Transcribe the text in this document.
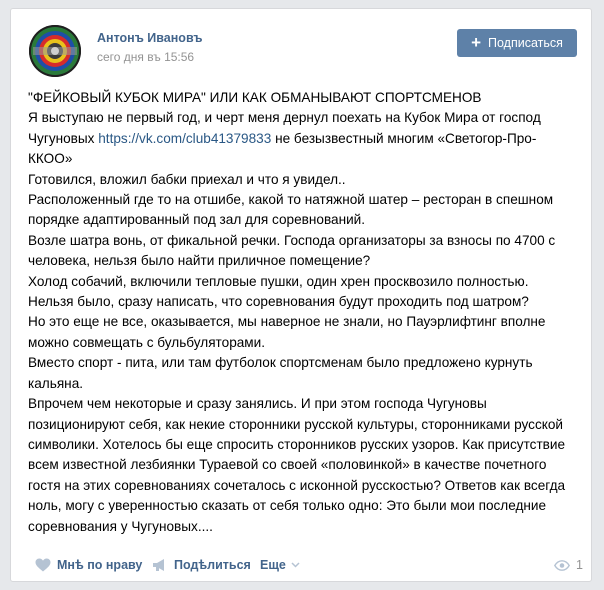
Антонъ Ивановъ
сего дня въ 15:56
+ Подписаться

"ФЕЙКОВЫЙ КУБОК МИРА" ИЛИ КАК ОБМАНЫВАЮТ СПОРТСМЕНОВ

Я выступаю не первый год, и черт меня дернул поехать на Кубок Мира от господ Чугуновых https://vk.com/club41379833 не безызвестный многим «Светогор-Про-ККОО»

Готовился, вложил бабки приехал и что я увидел..

Расположенный где то на отшибе, какой то натяжной шатер – ресторан в спешном порядке адаптированный под зал для соревнований.

Возле шатра вонь, от фикальной речки. Господа организаторы за взносы по 4700 с человека, нельзя было найти приличное помещение?

Холод собачий, включили тепловые пушки, один хрен просквозило полностью.

Нельзя было, сразу написать, что соревнования будут проходить под шатром?

Но это еще не все, оказывается, мы наверное не знали, но Пауэрлифтинг вполне можно совмещать с бульбуляторами.

Вместо спорт - пита, или там футболок спортсменам было предложено курнуть кальяна.

Впрочем чем некоторые и сразу занялись. И при этом господа Чугуновы позиционируют себя, как некие сторонники русской культуры, сторонниками русской символики. Хотелось бы еще спросить сторонников русских узоров. Как присутствие всем известной лезбиянки Тураевой со своей «половинкой» в качестве почетного гостя на этих соревнованиях сочеталось с исконной русскостью? Ответов как всегда ноль, могу с уверенностью сказать от себя только одно: Это были мои последние соревнования у Чугуновых....

Мнѣ по нраву	Подѣлиться Еще	1
